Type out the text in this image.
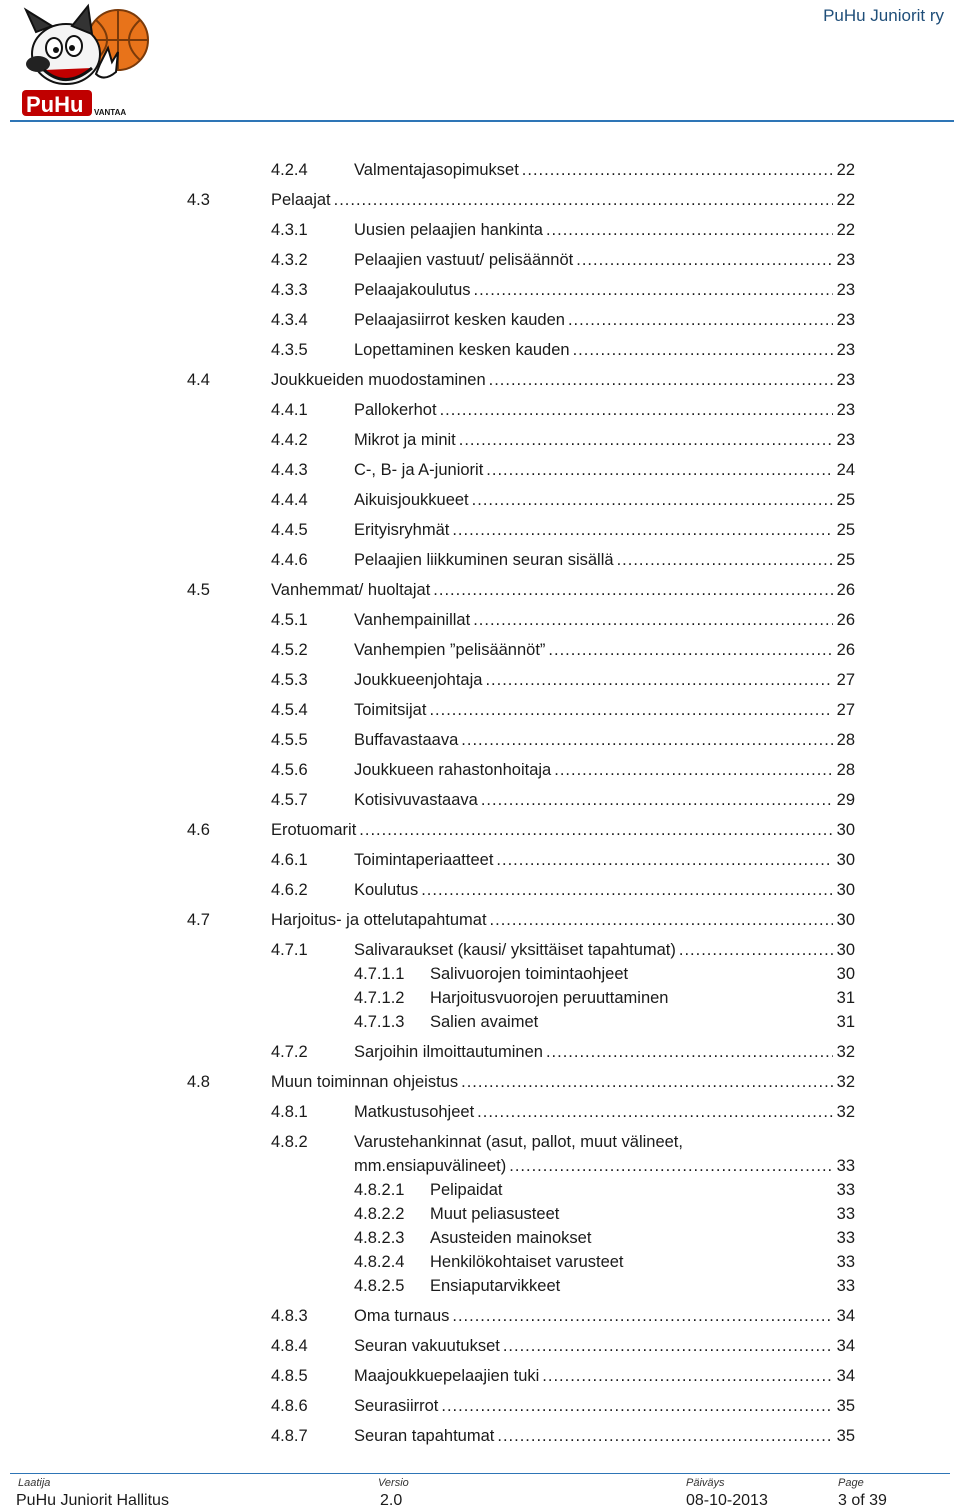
PuHu VANTAA
PuHu Juniorit ry
4.2.4	Valmentajasopimukset .....	22
4.3	Pelaajat .....	22
4.3.1	Uusien pelaajien hankinta .....	22
4.3.2	Pelaajien vastuut/ pelisäännöt .....	23
4.3.3	Pelaajakoulutus .....	23
4.3.4	Pelaajasiirrot kesken kauden .....	23
4.3.5	Lopettaminen kesken kauden .....	23
4.4	Joukkueiden muodostaminen .....	23
4.4.1	Pallokerhot .....	23
4.4.2	Mikrot ja minit .....	23
4.4.3	C-, B- ja A-juniorit .....	24
4.4.4	Aikuisjoukkueet .....	25
4.4.5	Erityisryhmät .....	25
4.4.6	Pelaajien liikkuminen seuran sisällä .....	25
4.5	Vanhemmat/ huoltajat .....	26
4.5.1	Vanhempainillat .....	26
4.5.2	Vanhempien ”pelisäännöt” .....	26
4.5.3	Joukkueenjohtaja .....	27
4.5.4	Toimitsijat .....	27
4.5.5	Buffavastaava .....	28
4.5.6	Joukkueen rahastonhoitaja .....	28
4.5.7	Kotisivuvastaava .....	29
4.6	Erotuomarit .....	30
4.6.1	Toimintaperiaatteet .....	30
4.6.2	Koulutus .....	30
4.7	Harjoitus- ja ottelutapahtumat .....	30
4.7.1	Salivaraukset (kausi/ yksittäiset tapahtumat) .....	30
4.7.1.1 Salivuorojen toimintaohjeet	30
4.7.1.2 Harjoitusvuorojen peruuttaminen	31
4.7.1.3 Salien avaimet	31
4.7.2	Sarjoihin ilmoittautuminen .....	32
4.8	Muun toiminnan ohjeistus .....	32
4.8.1	Matkustusohjeet .....	32
4.8.2	Varustehankinnat (asut, pallot, muut välineet,
mm.ensiapuvälineet) .....	33
4.8.2.1 Pelipaidat	33
4.8.2.2 Muut peliasusteet	33
4.8.2.3 Asusteiden mainokset	33
4.8.2.4 Henkilökohtaiset varusteet	33
4.8.2.5 Ensiaputarvikkeet	33
4.8.3	Oma turnaus .....	34
4.8.4	Seuran vakuutukset .....	34
4.8.5	Maajoukkuepelaajien tuki .....	34
4.8.6	Seurasiirrot .....	35
4.8.7	Seuran tapahtumat .....	35
Laatija	Versio	Päiväys	Page
PuHu Juniorit Hallitus	2.0	08-10-2013	3 of 39
